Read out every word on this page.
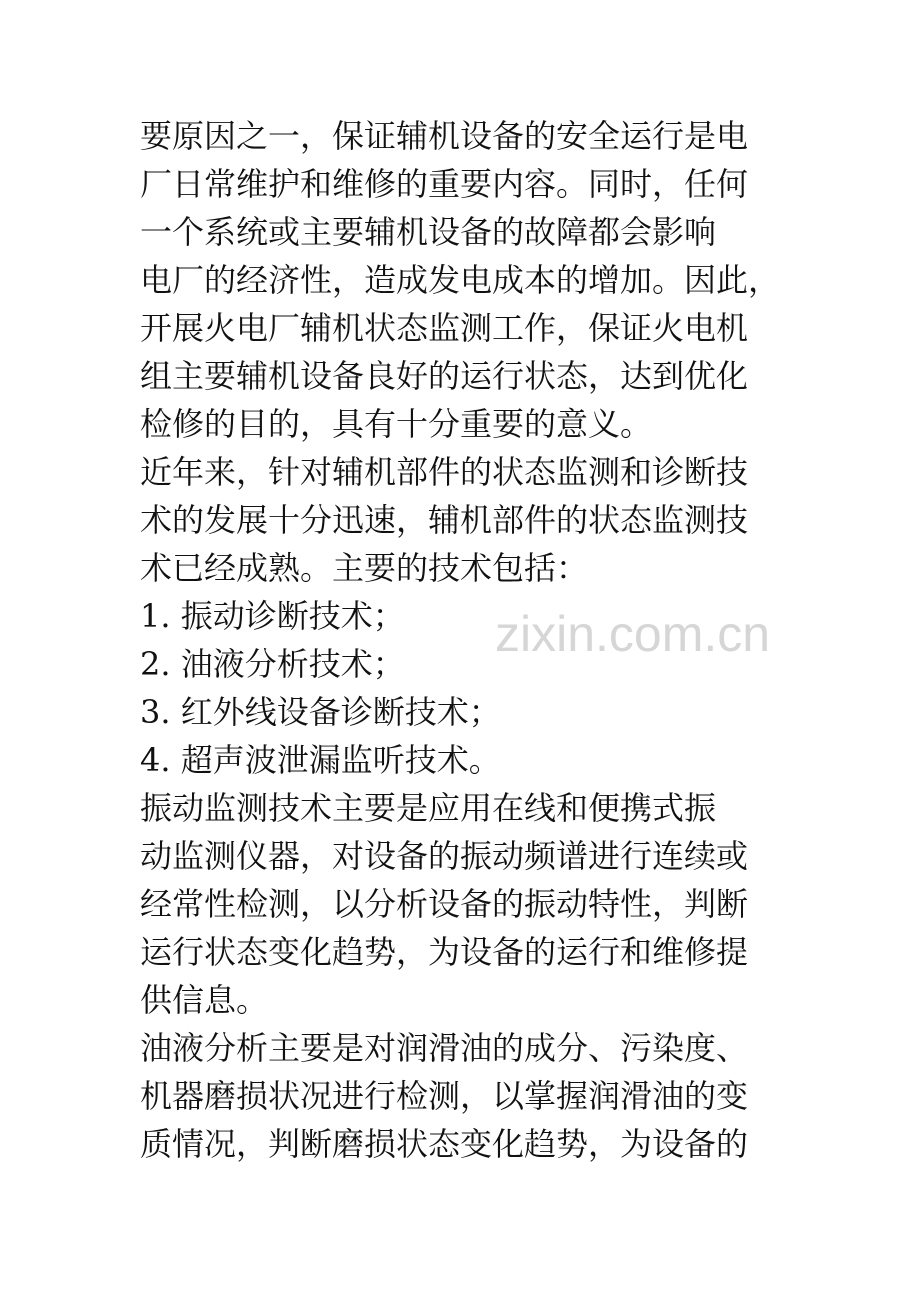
要原因之一，保证辅机设备的安全运行是电
厂日常维护和维修的重要内容。同时，任何
一个系统或主要辅机设备的故障都会影响
电厂的经济性，造成发电成本的增加。因此，
开展火电厂辅机状态监测工作，保证火电机
组主要辅机设备良好的运行状态，达到优化
检修的目的，具有十分重要的意义。
近年来，针对辅机部件的状态监测和诊断技
术的发展十分迅速，辅机部件的状态监测技
术已经成熟。主要的技术包括：
1. 振动诊断技术；
2. 油液分析技术；
3. 红外线设备诊断技术；
4. 超声波泄漏监听技术。
振动监测技术主要是应用在线和便携式振
动监测仪器，对设备的振动频谱进行连续或
经常性检测，以分析设备的振动特性，判断
运行状态变化趋势，为设备的运行和维修提
供信息。
油液分析主要是对润滑油的成分、污染度、
机器磨损状况进行检测，以掌握润滑油的变
质情况，判断磨损状态变化趋势，为设备的
zixin.com.cn
